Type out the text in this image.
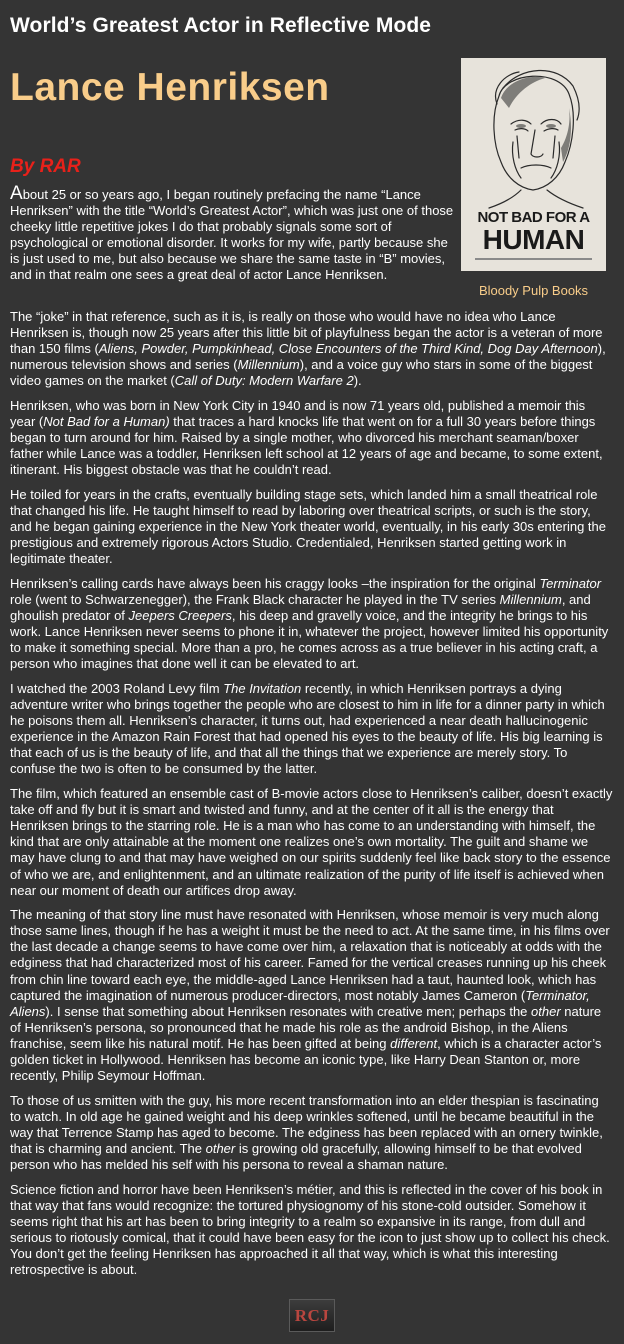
World’s Greatest Actor in Reflective Mode
Lance Henriksen
By RAR
NOT BAD FOR A
HUMAN
Bloody Pulp Books

About 25 or so years ago, I began routinely prefacing the name “Lance Henriksen” with the title “World’s Greatest Actor”, which was just one of those cheeky little repetitive jokes I do that probably signals some sort of psychological or emotional disorder. It works for my wife, partly because she is just used to me, but also because we share the same taste in “B” movies, and in that realm one sees a great deal of actor Lance Henriksen.

The “joke” in that reference, such as it is, is really on those who would have no idea who Lance Henriksen is, though now 25 years after this little bit of playfulness began the actor is a veteran of more than 150 films (Aliens, Powder, Pumpkinhead, Close Encounters of the Third Kind, Dog Day Afternoon), numerous television shows and series (Millennium), and a voice guy who stars in some of the biggest video games on the market (Call of Duty: Modern Warfare 2).

Henriksen, who was born in New York City in 1940 and is now 71 years old, published a memoir this year (Not Bad for a Human) that traces a hard knocks life that went on for a full 30 years before things began to turn around for him. Raised by a single mother, who divorced his merchant seaman/boxer father while Lance was a toddler, Henriksen left school at 12 years of age and became, to some extent, itinerant. His biggest obstacle was that he couldn’t read.

He toiled for years in the crafts, eventually building stage sets, which landed him a small theatrical role that changed his life. He taught himself to read by laboring over theatrical scripts, or such is the story, and he began gaining experience in the New York theater world, eventually, in his early 30s entering the prestigious and extremely rigorous Actors Studio. Credentialed, Henriksen started getting work in legitimate theater.

Henriksen’s calling cards have always been his craggy looks –the inspiration for the original Terminator role (went to Schwarzenegger), the Frank Black character he played in the TV series Millennium, and ghoulish predator of Jeepers Creepers, his deep and gravelly voice, and the integrity he brings to his work. Lance Henriksen never seems to phone it in, whatever the project, however limited his opportunity to make it something special. More than a pro, he comes across as a true believer in his acting craft, a person who imagines that done well it can be elevated to art.

I watched the 2003 Roland Levy film The Invitation recently, in which Henriksen portrays a dying adventure writer who brings together the people who are closest to him in life for a dinner party in which he poisons them all. Henriksen’s character, it turns out, had experienced a near death hallucinogenic experience in the Amazon Rain Forest that had opened his eyes to the beauty of life. His big learning is that each of us is the beauty of life, and that all the things that we experience are merely story. To confuse the two is often to be consumed by the latter.

The film, which featured an ensemble cast of B-movie actors close to Henriksen’s caliber, doesn’t exactly take off and fly but it is smart and twisted and funny, and at the center of it all is the energy that Henriksen brings to the starring role. He is a man who has come to an understanding with himself, the kind that are only attainable at the moment one realizes one’s own mortality. The guilt and shame we may have clung to and that may have weighed on our spirits suddenly feel like back story to the essence of who we are, and enlightenment, and an ultimate realization of the purity of life itself is achieved when near our moment of death our artifices drop away.

The meaning of that story line must have resonated with Henriksen, whose memoir is very much along those same lines, though if he has a weight it must be the need to act. At the same time, in his films over the last decade a change seems to have come over him, a relaxation that is noticeably at odds with the edginess that had characterized most of his career. Famed for the vertical creases running up his cheek from chin line toward each eye, the middle-aged Lance Henriksen had a taut, haunted look, which has captured the imagination of numerous producer-directors, most notably James Cameron (Terminator, Aliens). I sense that something about Henriksen resonates with creative men; perhaps the other nature of Henriksen’s persona, so pronounced that he made his role as the android Bishop, in the Aliens franchise, seem like his natural motif. He has been gifted at being different, which is a character actor’s golden ticket in Hollywood. Henriksen has become an iconic type, like Harry Dean Stanton or, more recently, Philip Seymour Hoffman.

To those of us smitten with the guy, his more recent transformation into an elder thespian is fascinating to watch. In old age he gained weight and his deep wrinkles softened, until he became beautiful in the way that Terrence Stamp has aged to become. The edginess has been replaced with an ornery twinkle, that is charming and ancient. The other is growing old gracefully, allowing himself to be that evolved person who has melded his self with his persona to reveal a shaman nature.

Science fiction and horror have been Henriksen’s métier, and this is reflected in the cover of his book in that way that fans would recognize: the tortured physiognomy of his stone-cold outsider. Somehow it seems right that his art has been to bring integrity to a realm so expansive in its range, from dull and serious to riotously comical, that it could have been easy for the icon to just show up to collect his check. You don’t get the feeling Henriksen has approached it all that way, which is what this interesting retrospective is about.

RCJ
